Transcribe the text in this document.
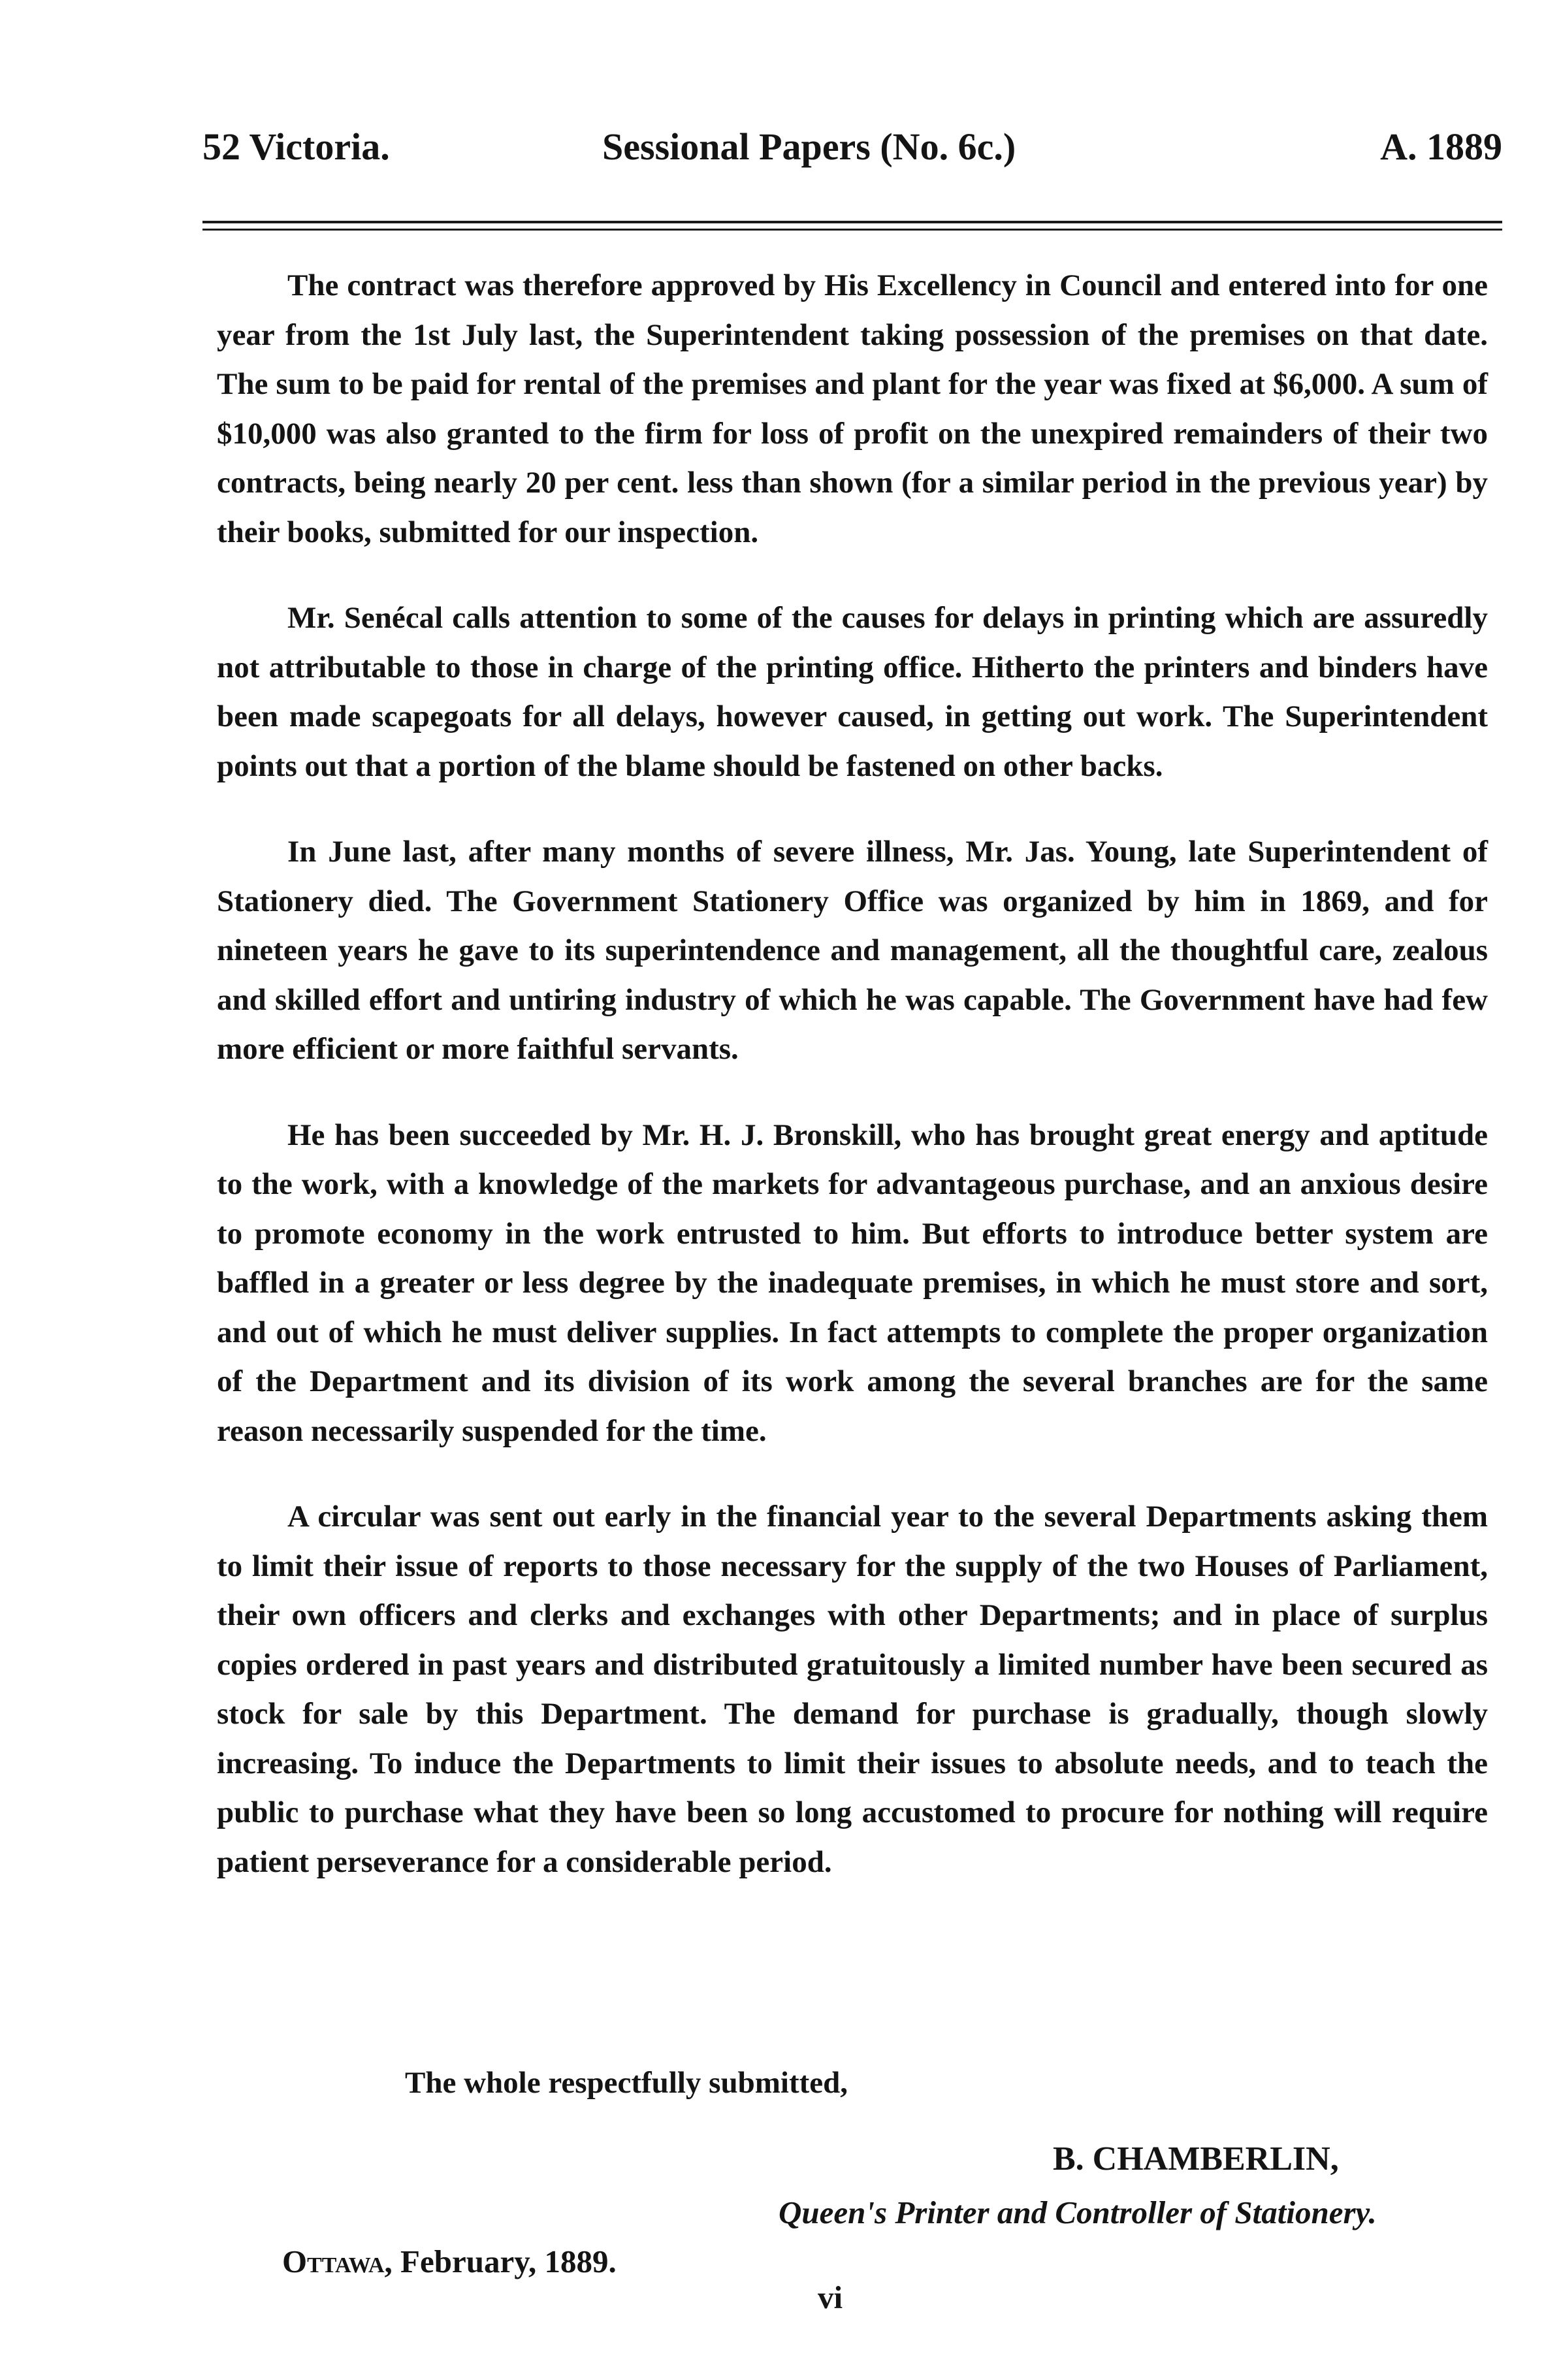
52 Victoria.	Sessional Papers (No. 6c.)	A. 1889

The contract was therefore approved by His Excellency in Council and entered into for one year from the 1st July last, the Superintendent taking possession of the premises on that date. The sum to be paid for rental of the premises and plant for the year was fixed at $6,000. A sum of $10,000 was also granted to the firm for loss of profit on the unexpired remainders of their two contracts, being nearly 20 per cent. less than shown (for a similar period in the previous year) by their books, submitted for our inspection.

Mr. Senécal calls attention to some of the causes for delays in printing which are assuredly not attributable to those in charge of the printing office. Hitherto the printers and binders have been made scapegoats for all delays, however caused, in getting out work. The Superintendent points out that a portion of the blame should be fastened on other backs.

In June last, after many months of severe illness, Mr. Jas. Young, late Superintendent of Stationery died. The Government Stationery Office was organized by him in 1869, and for nineteen years he gave to its superintendence and management, all the thoughtful care, zealous and skilled effort and untiring industry of which he was capable. The Government have had few more efficient or more faithful servants.

He has been succeeded by Mr. H. J. Bronskill, who has brought great energy and aptitude to the work, with a knowledge of the markets for advantageous purchase, and an anxious desire to promote economy in the work entrusted to him. But efforts to introduce better system are baffled in a greater or less degree by the inadequate premises, in which he must store and sort, and out of which he must deliver supplies. In fact attempts to complete the proper organization of the Department and its division of its work among the several branches are for the same reason necessarily suspended for the time.

A circular was sent out early in the financial year to the several Departments asking them to limit their issue of reports to those necessary for the supply of the two Houses of Parliament, their own officers and clerks and exchanges with other Departments; and in place of surplus copies ordered in past years and distributed gratuitously a limited number have been secured as stock for sale by this Department. The demand for purchase is gradually, though slowly increasing. To induce the Departments to limit their issues to absolute needs, and to teach the public to purchase what they have been so long accustomed to procure for nothing will require patient perseverance for a considerable period.

The whole respectfully submitted,
B. CHAMBERLIN,
Queen's Printer and Controller of Stationery.
Ottawa, February, 1889.
vi
